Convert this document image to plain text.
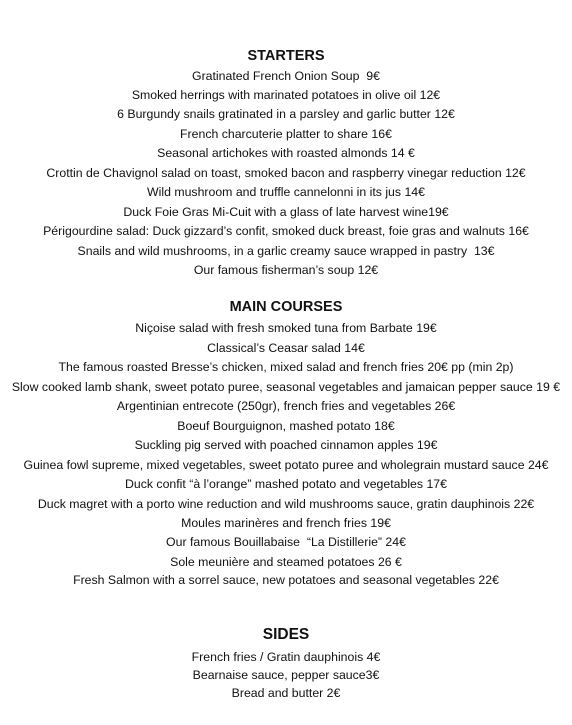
STARTERS

Gratinated French Onion Soup  9€

Smoked herrings with marinated potatoes in olive oil 12€

6 Burgundy snails gratinated in a parsley and garlic butter 12€

French charcuterie platter to share 16€

Seasonal artichokes with roasted almonds 14 €

Crottin de Chavignol salad on toast, smoked bacon and raspberry vinegar reduction 12€

Wild mushroom and truffle cannelonni in its jus 14€

Duck Foie Gras Mi-Cuit with a glass of late harvest wine19€

Périgourdine salad: Duck gizzard’s confit, smoked duck breast, foie gras and walnuts 16€

Snails and wild mushrooms, in a garlic creamy sauce wrapped in pastry  13€

Our famous fisherman’s soup 12€

MAIN COURSES

Niçoise salad with fresh smoked tuna from Barbate 19€

Classical’s Ceasar salad 14€

The famous roasted Bresse’s chicken, mixed salad and french fries 20€ pp (min 2p)

Slow cooked lamb shank, sweet potato puree, seasonal vegetables and jamaican pepper sauce 19 €

Argentinian entrecote (250gr), french fries and vegetables 26€

Boeuf Bourguignon, mashed potato 18€

Suckling pig served with poached cinnamon apples 19€

Guinea fowl supreme, mixed vegetables, sweet potato puree and wholegrain mustard sauce 24€

Duck confit “à l’orange” mashed potato and vegetables 17€

Duck magret with a porto wine reduction and wild mushrooms sauce, gratin dauphinois 22€

Moules marinères and french fries 19€

Our famous Bouillabaise  “La Distillerie” 24€

Sole meunière and steamed potatoes 26 €

Fresh Salmon with a sorrel sauce, new potatoes and seasonal vegetables 22€

SIDES

French fries / Gratin dauphinois 4€

Bearnaise sauce, pepper sauce3€

Bread and butter 2€
